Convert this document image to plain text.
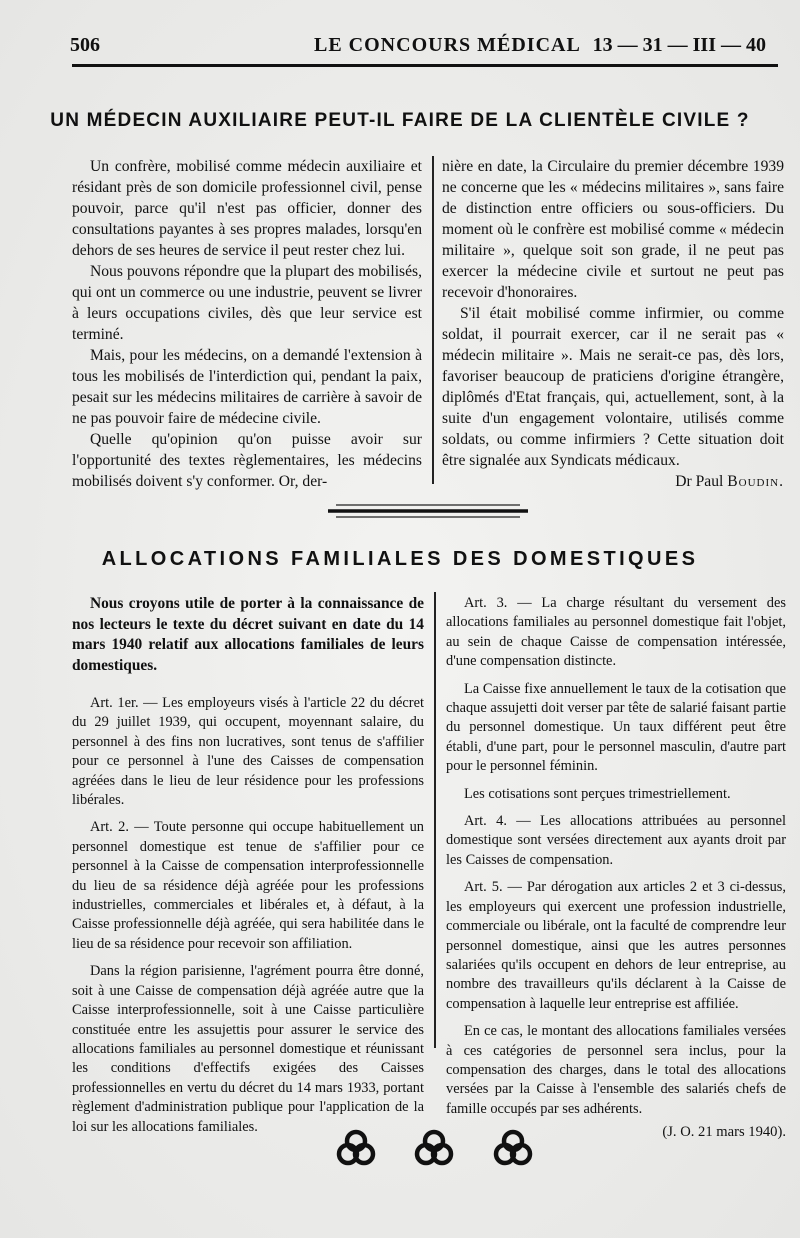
506	LE CONCOURS MÉDICAL 13 — 31 — III — 40
UN MÉDECIN AUXILIAIRE PEUT-IL FAIRE DE LA CLIENTÈLE CIVILE ?

Un confrère, mobilisé comme médecin auxiliaire et résidant près de son domicile professionnel civil, pense pouvoir, parce qu'il n'est pas officier, donner des consultations payantes à ses propres malades, lorsqu'en dehors de ses heures de service il peut rester chez lui.

Nous pouvons répondre que la plupart des mobilisés, qui ont un commerce ou une industrie, peuvent se livrer à leurs occupations civiles, dès que leur service est terminé.

Mais, pour les médecins, on a demandé l'extension à tous les mobilisés de l'interdiction qui, pendant la paix, pesait sur les médecins militaires de carrière à savoir de ne pas pouvoir faire de médecine civile.

Quelle qu'opinion qu'on puisse avoir sur l'opportunité des textes règlementaires, les médecins mobilisés doivent s'y conformer. Or, der-

nière en date, la Circulaire du premier décembre 1939 ne concerne que les « médecins militaires », sans faire de distinction entre officiers ou sous-officiers. Du moment où le confrère est mobilisé comme « médecin militaire », quelque soit son grade, il ne peut pas exercer la médecine civile et surtout ne peut pas recevoir d'honoraires.

S'il était mobilisé comme infirmier, ou comme soldat, il pourrait exercer, car il ne serait pas « médecin militaire ». Mais ne serait-ce pas, dès lors, favoriser beaucoup de praticiens d'origine étrangère, diplômés d'Etat français, qui, actuellement, sont, à la suite d'un engagement volontaire, utilisés comme soldats, ou comme infirmiers ? Cette situation doit être signalée aux Syndicats médicaux.

Dr Paul Boudin.

ALLOCATIONS FAMILIALES DES DOMESTIQUES

Nous croyons utile de porter à la connaissance de nos lecteurs le texte du décret suivant en date du 14 mars 1940 relatif aux allocations familiales de leurs domestiques.

Art. 1er. — Les employeurs visés à l'article 22 du décret du 29 juillet 1939, qui occupent, moyennant salaire, du personnel à des fins non lucratives, sont tenus de s'affilier pour ce personnel à l'une des Caisses de compensation agréées dans le lieu de leur résidence pour les professions libérales.

Art. 2. — Toute personne qui occupe habituellement un personnel domestique est tenue de s'affilier pour ce personnel à la Caisse de compensation interprofessionnelle du lieu de sa résidence déjà agréée pour les professions industrielles, commerciales et libérales et, à défaut, à la Caisse professionnelle déjà agréée, qui sera habilitée dans le lieu de sa résidence pour recevoir son affiliation.

Dans la région parisienne, l'agrément pourra être donné, soit à une Caisse de compensation déjà agréée autre que la Caisse interprofessionnelle, soit à une Caisse particulière constituée entre les assujettis pour assurer le service des allocations familiales au personnel domestique et réunissant les conditions d'effectifs exigées des Caisses professionnelles en vertu du décret du 14 mars 1933, portant règlement d'administration publique pour l'application de la loi sur les allocations familiales.

Art. 3. — La charge résultant du versement des allocations familiales au personnel domestique fait l'objet, au sein de chaque Caisse de compensation intéressée, d'une compensation distincte.

La Caisse fixe annuellement le taux de la cotisation que chaque assujetti doit verser par tête de salarié faisant partie du personnel domestique. Un taux différent peut être établi, d'une part, pour le personnel masculin, d'autre part pour le personnel féminin.

Les cotisations sont perçues trimestriellement.

Art. 4. — Les allocations attribuées au personnel domestique sont versées directement aux ayants droit par les Caisses de compensation.

Art. 5. — Par dérogation aux articles 2 et 3 ci-dessus, les employeurs qui exercent une profession industrielle, commerciale ou libérale, ont la faculté de comprendre leur personnel domestique, ainsi que les autres personnes salariées qu'ils occupent en dehors de leur entreprise, au nombre des travailleurs qu'ils déclarent à la Caisse de compensation à laquelle leur entreprise est affiliée.

En ce cas, le montant des allocations familiales versées à ces catégories de personnel sera inclus, pour la compensation des charges, dans le total des allocations versées par la Caisse à l'ensemble des salariés chefs de famille occupés par ses adhérents.

(J. O. 21 mars 1940).
